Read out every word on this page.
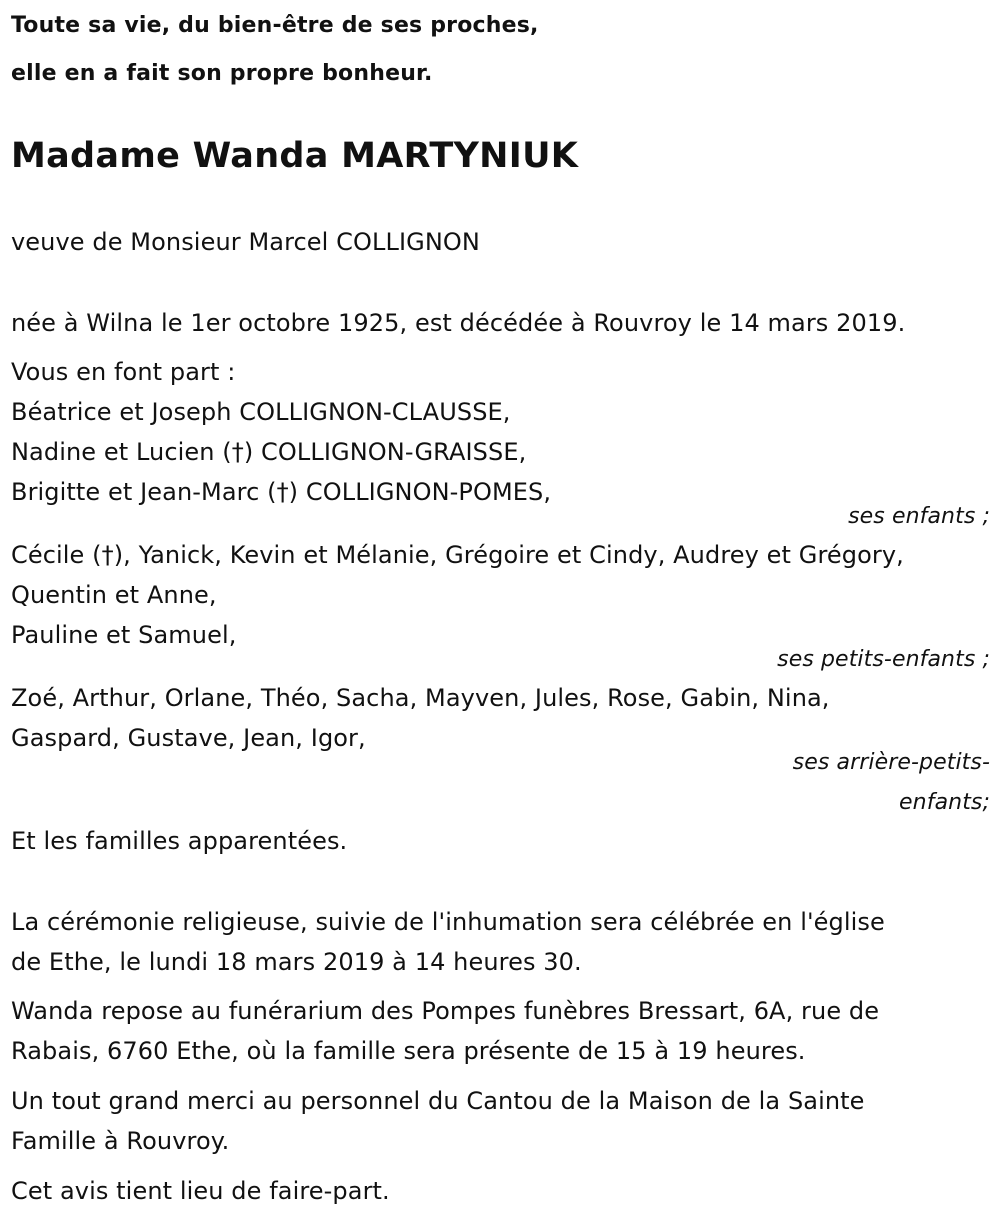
Toute sa vie, du bien-être de ses proches,
elle en a fait son propre bonheur.
Madame Wanda MARTYNIUK
veuve de Monsieur Marcel COLLIGNON
née à Wilna le 1er octobre 1925, est décédée à Rouvroy le 14 mars 2019.
Vous en font part :
Béatrice et Joseph COLLIGNON-CLAUSSE,
Nadine et Lucien (†) COLLIGNON-GRAISSE,
Brigitte et Jean-Marc (†) COLLIGNON-POMES,
ses enfants ;
Cécile (†), Yanick, Kevin et Mélanie, Grégoire et Cindy, Audrey et Grégory,
Quentin et Anne,
Pauline et Samuel,
ses petits-enfants ;
Zoé, Arthur, Orlane, Théo, Sacha, Mayven, Jules, Rose, Gabin, Nina,
Gaspard, Gustave, Jean, Igor,
ses arrière-petits-
enfants;
Et les familles apparentées.
La cérémonie religieuse, suivie de l'inhumation sera célébrée en l'église
de Ethe, le lundi 18 mars 2019 à 14 heures 30.
Wanda repose au funérarium des Pompes funèbres Bressart, 6A, rue de
Rabais, 6760 Ethe, où la famille sera présente de 15 à 19 heures.
Un tout grand merci au personnel du Cantou de la Maison de la Sainte
Famille à Rouvroy.
Cet avis tient lieu de faire-part.
